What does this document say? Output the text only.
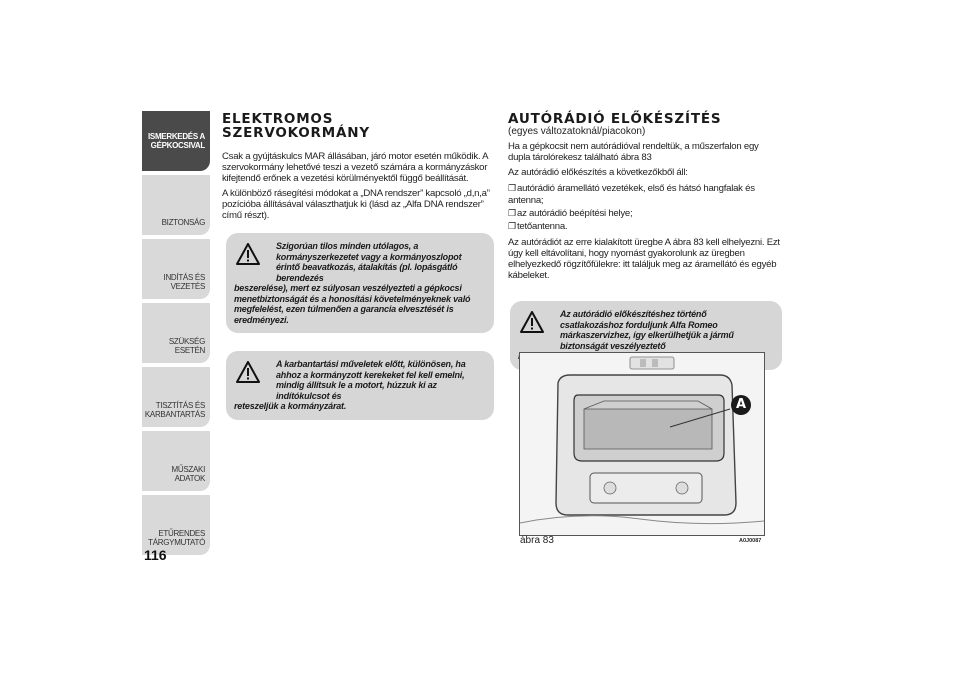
ISMERKEDÉS A GÉPKOCSIVAL
BIZTONSÁG
INDÍTÁS ÉS VEZETÉS
SZÜKSÉG ESETÉN
TISZTÍTÁS ÉS KARBANTARTÁS
MŰSZAKI ADATOK
ETŰRENDES TÁRGYMUTATÓ
116
ELEKTROMOS
SZERVOKORMÁNY

Csak a gyújtáskulcs MAR állásában, járó motor esetén működik. A szervokormány lehetővé teszi a vezető számára a kormányzáskor kifejtendő erőnek a vezetési körülményektől függő beállítását.

A különböző rásegítési módokat a „DNA rendszer” kapcsoló „d,n,a” pozícióba állításával választhatjuk ki (lásd az „Alfa DNA rendszer” című részt).

Szigorúan tilos minden utólagos, a kormányszerkezetet vagy a kormányoszlopot érintő beavatkozás, átalakítás (pl. lopásgátló berendezés
beszerelése), mert ez súlyosan veszélyezteti a gépkocsi menetbiztonságát és a honosítási követelményeknek való megfelelést, ezen túlmenően a garancia elvesztését is eredményezi.
A karbantartási műveletek előtt, különösen, ha ahhoz a kormányzott kerekeket fel kell emelni, mindig állítsuk le a motort, húzzuk ki az indítókulcsot és
reteszeljük a kormányzárat.
AUTÓRÁDIÓ ELŐKÉSZÍTÉS

(egyes változatoknál/piacokon)

Ha a gépkocsit nem autórádióval rendeltük, a műszerfalon egy dupla tárolórekesz található ábra 83

Az autórádió előkészítés a következőkből áll:

❐autórádió áramellátó vezetékek, első és hátsó hangfalak és antenna;
❐az autórádió beépítési helye;
❐tetőantenna.

Az autórádiót az erre kialakított üregbe A ábra 83 kell elhelyezni. Ezt úgy kell eltávolítani, hogy nyomást gyakorolunk az üregben elhelyezkedő rögzítőfülekre: itt találjuk meg az áramellátó és egyéb kábeleket.

Az autórádió előkészítéshez történő csatlakozáshoz forduljunk Alfa Romeo márkaszervizhez, így elkerülhetjük a jármű biztonságát veszélyeztető
A
ábra 83	A0J0087
